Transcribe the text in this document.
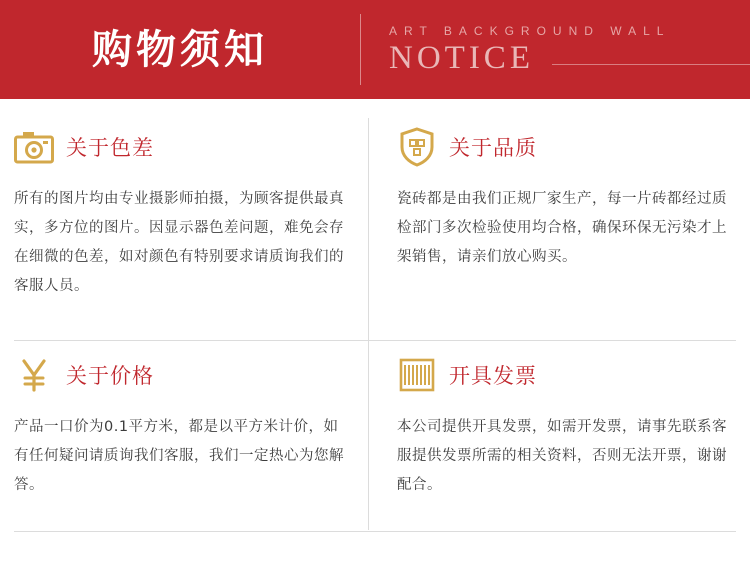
购物须知	ART BACKGROUND WALL
NOTICE
关于色差
所有的图片均由专业摄影师拍摄，为顾客提供最真实，多方位的图片。因显示器色差问题，难免会存在细微的色差，如对颜色有特别要求请质询我们的客服人员。
关于品质
瓷砖都是由我们正规厂家生产，每一片砖都经过质检部门多次检验使用均合格，确保环保无污染才上架销售，请亲们放心购买。
关于价格
产品一口价为0.1平方米，都是以平方米计价，如有任何疑问请质询我们客服，我们一定热心为您解答。
开具发票
本公司提供开具发票，如需开发票，请事先联系客服提供发票所需的相关资料，否则无法开票，谢谢配合。
